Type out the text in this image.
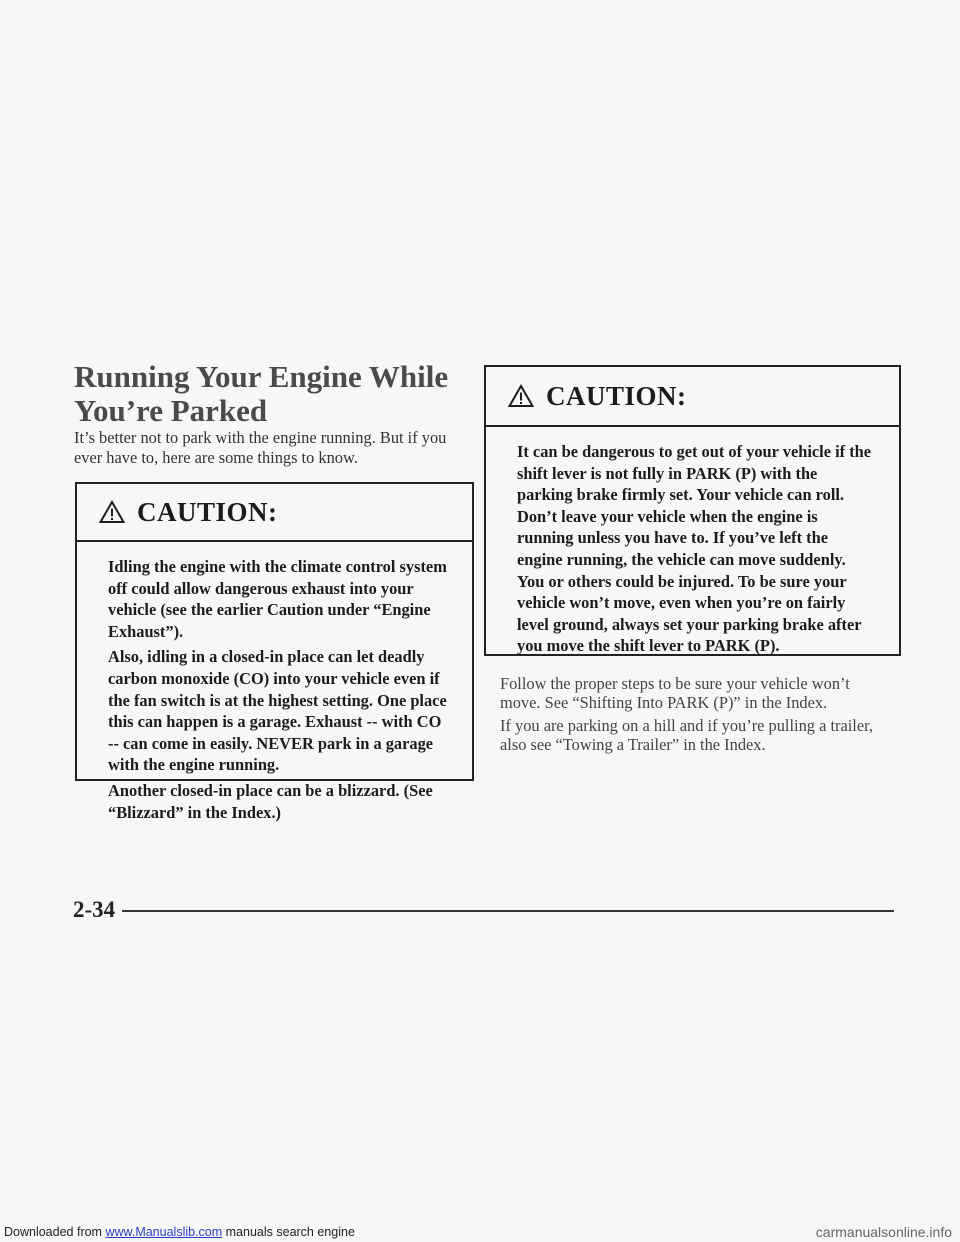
Running Your Engine While
You’re Parked

It’s better not to park with the engine running. But if you ever have to, here are some things to know.

CAUTION:

Idling the engine with the climate control system off could allow dangerous exhaust into your vehicle (see the earlier Caution under “Engine Exhaust”).

Also, idling in a closed-in place can let deadly carbon monoxide (CO) into your vehicle even if the fan switch is at the highest setting. One place this can happen is a garage. Exhaust -- with CO -- can come in easily. NEVER park in a garage with the engine running.

Another closed-in place can be a blizzard. (See “Blizzard” in the Index.)

CAUTION:

It can be dangerous to get out of your vehicle if the shift lever is not fully in PARK (P) with the parking brake firmly set. Your vehicle can roll. Don’t leave your vehicle when the engine is running unless you have to. If you’ve left the engine running, the vehicle can move suddenly. You or others could be injured. To be sure your vehicle won’t move, even when you’re on fairly level ground, always set your parking brake after you move the shift lever to PARK (P).

Follow the proper steps to be sure your vehicle won’t move. See “Shifting Into PARK (P)” in the Index.

If you are parking on a hill and if you’re pulling a trailer, also see “Towing a Trailer” in the Index.

2-34
Downloaded from www.Manualslib.com manuals search engine	carmanualsonline.info
